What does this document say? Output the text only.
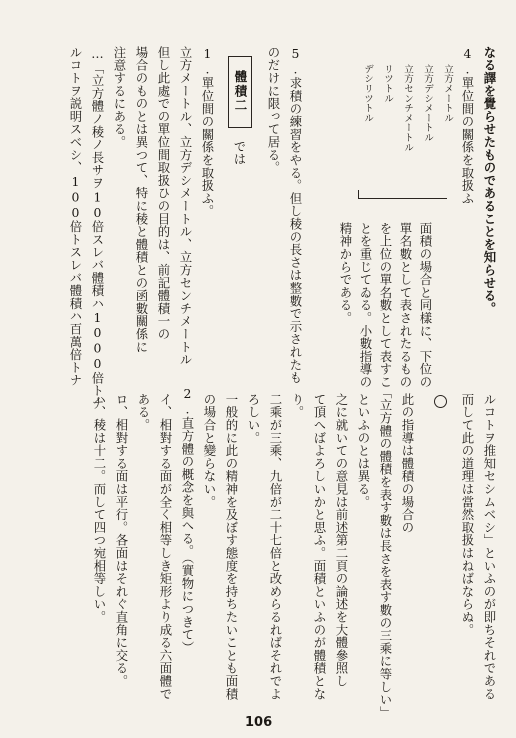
ルコトヲ推知セシムベシ」といふのが即ちそれである
而して此の道理は當然取扱はねばならぬ。
此の指導は體積の場合の
「立方體の體積を表す數は長さを表す數の三乘に等しい」
といふのとは異る。
之に就いての意見は前述第二頁の論述を大體參照し
て頂へばよろしいかと思ふ。面積といふのが體積とな
り。
二乘が三乘、九倍が二十七倍と改めらるればそれでよ
ろしい。
一般的に此の精神を及ぼす態度を持ちたいことも面積
の場合と變らない。
2.直方體の概念を與へる。（實物につきて）
イ、相對する面が全く相等しき矩形より成る六面體で
ある。
ロ、相對する面は平行。各面はそれぐ直角に交る。
ハ、稜は十二。而して四つ宛相等しい。
なる譯を覺らせたものであることを知らせる。
4.單位間の關係を取扱ふ
立方メートル
立方デシメートル
立方センチメートル
リツトル
デシリツトル
面積の場合と同樣に、下位の
單名數として表されたるもの
を上位の單名數として表すこ
とを重じてゐる。小數指導の
精神からである。
5.求積の練習をやる。但し稜の長さは整數で示されたも
のだけに限って居る。
體積二
では
1.單位間の關係を取扱ふ。
立方メートル、立方デシメートル、立方センチメートル
但し此處での單位間取扱ひの目的は、前記體積一の
場合のものとは異つて、特に稜と體積との函數關係に
注意するにある。
…「立方體ノ稜ノ長サヲ10倍スレバ體積ハ1000倍トナ
ルコトヲ説明スベシ、100倍トスレバ體積ハ百萬倍トナ
106
